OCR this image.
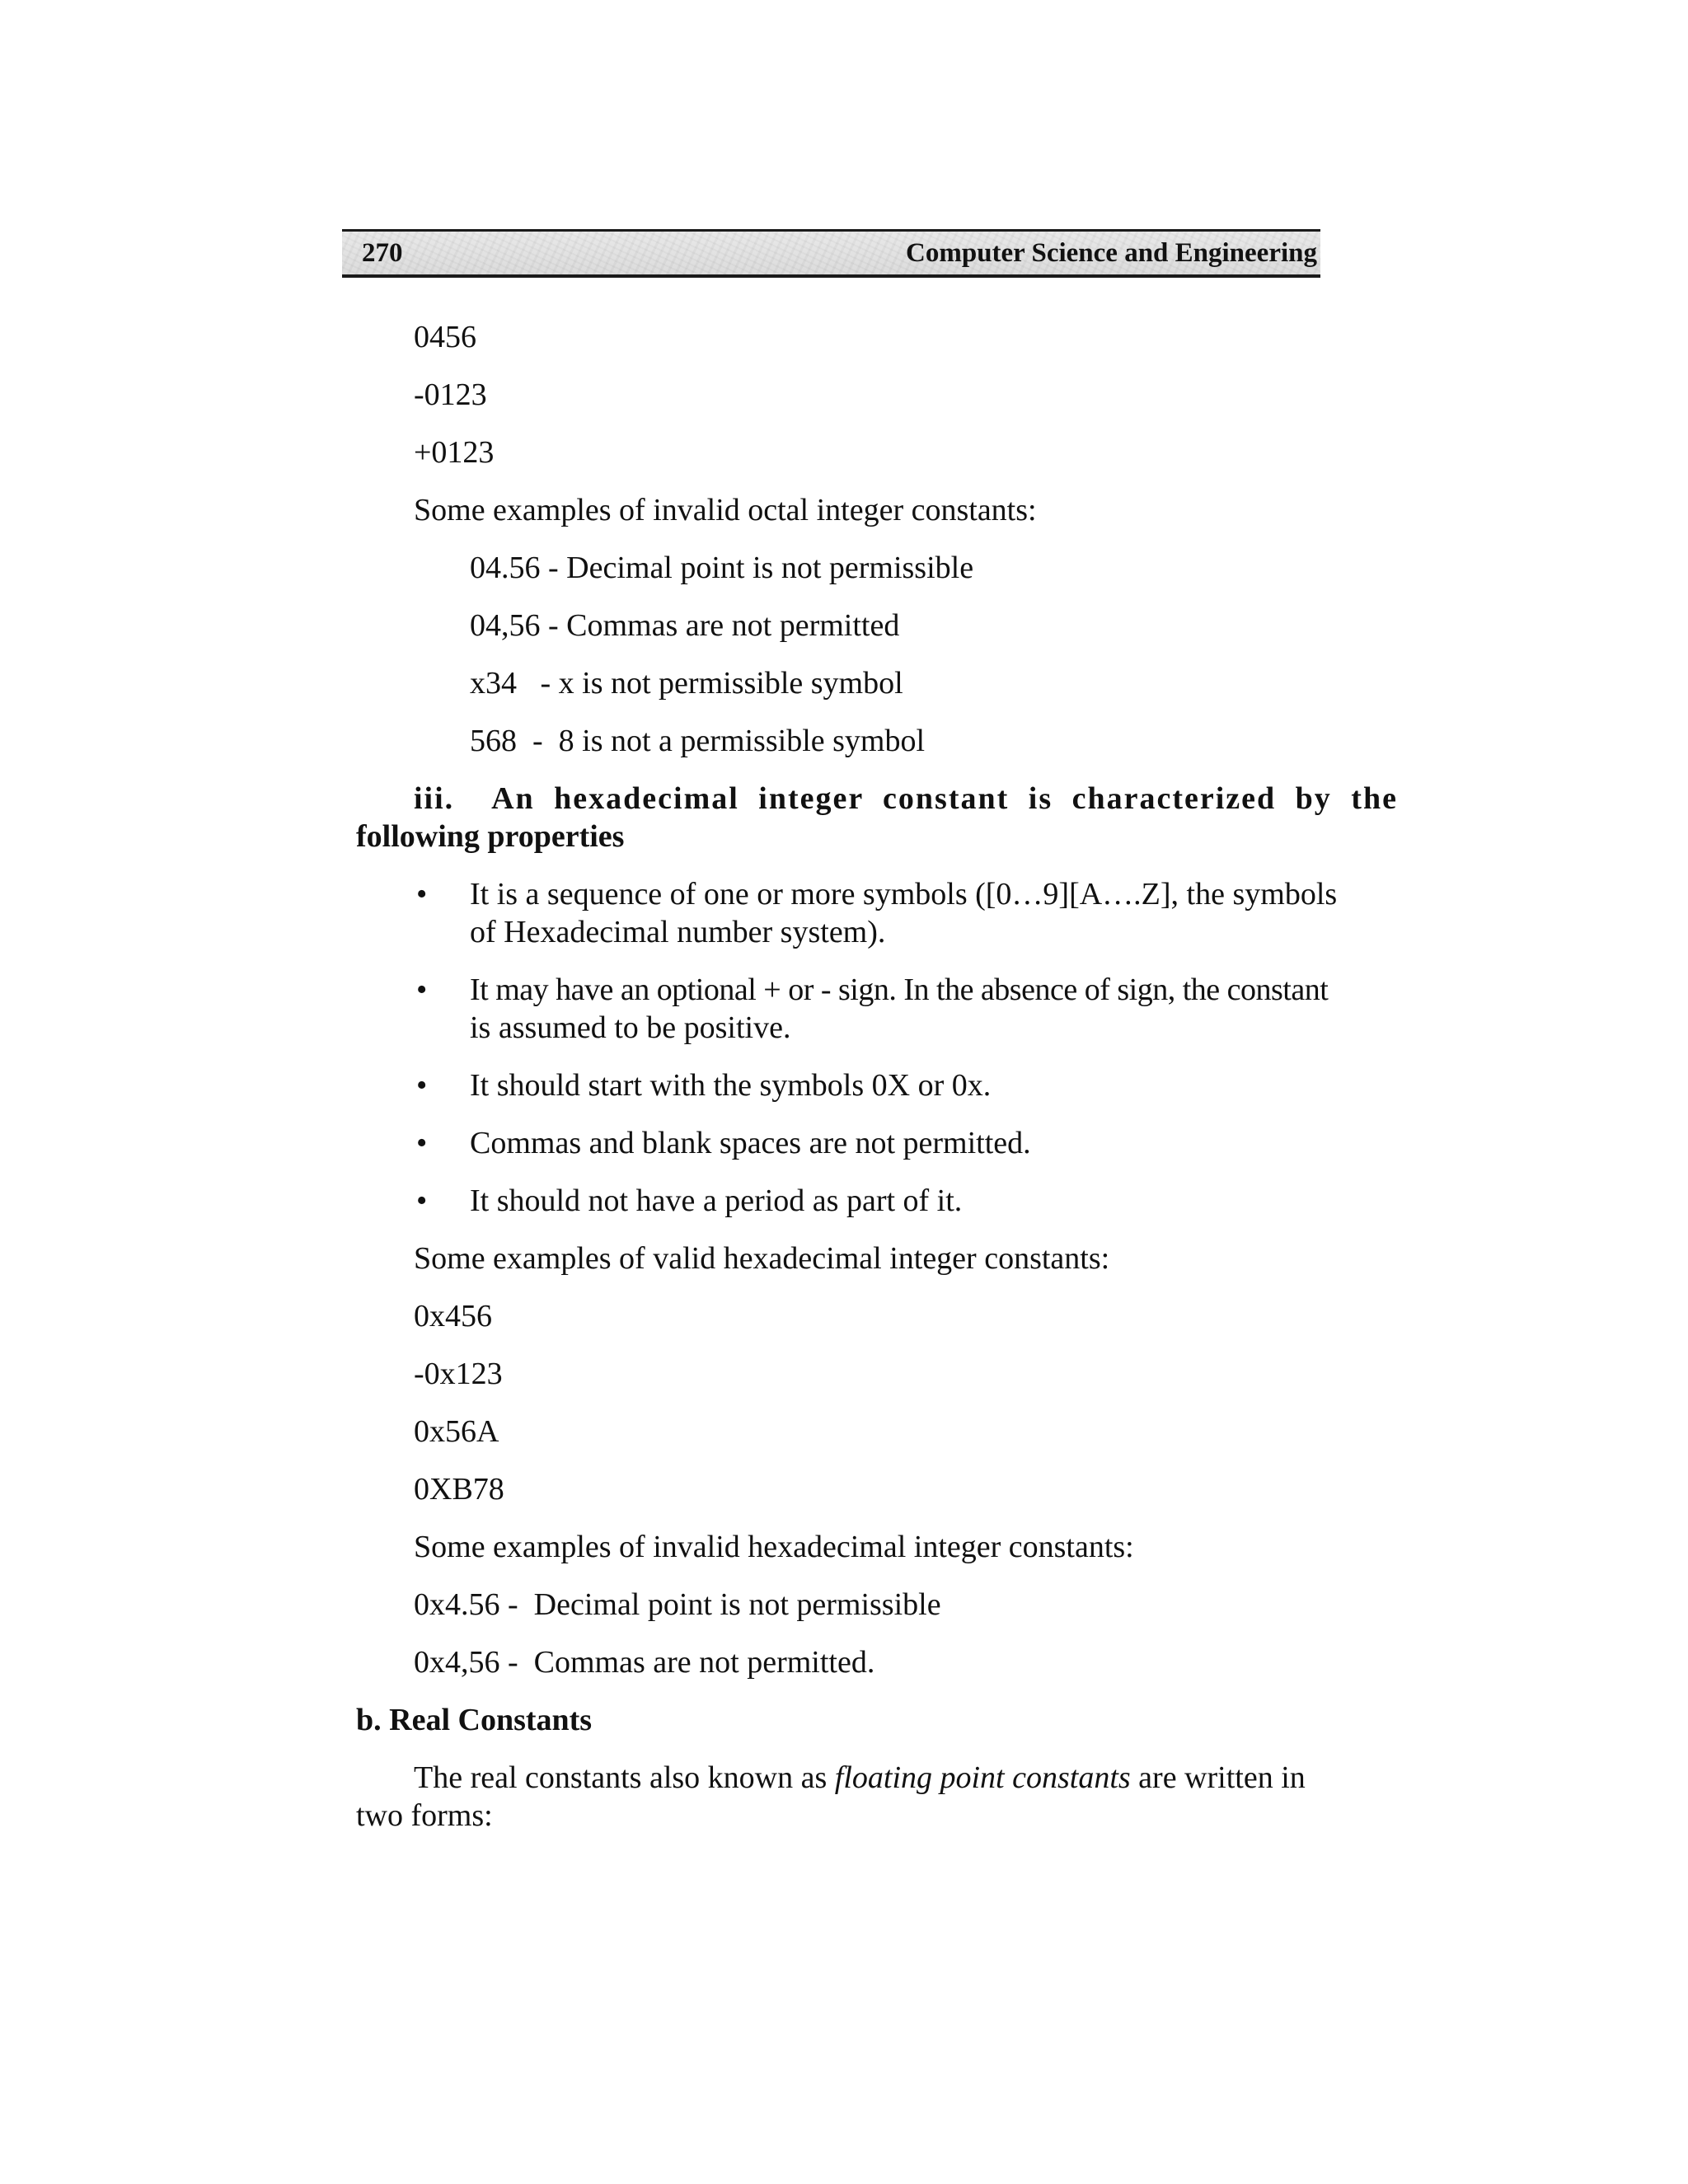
270	Computer Science and Engineering
0456
-0123
+0123
Some examples of invalid octal integer constants:
04.56 - Decimal point is not permissible
04,56 - Commas are not permitted
x34   - x is not permissible symbol
568  -  8 is not a permissible symbol
iii.  An hexadecimal integer constant is characterized by the
following properties
• It is a sequence of one or more symbols ([0…9][A….Z], the symbols
of Hexadecimal number system).
• It may have an optional + or - sign. In the absence of sign, the constant
is assumed to be positive.
• It should start with the symbols 0X or 0x.
• Commas and blank spaces are not permitted.
• It should not have a period as part of it.
Some examples of valid hexadecimal integer constants:
0x456
-0x123
0x56A
0XB78
Some examples of invalid hexadecimal integer constants:
0x4.56 -  Decimal point is not permissible
0x4,56 -  Commas are not permitted.
b. Real Constants
The real constants also known as floating point constants are written in
two forms:
